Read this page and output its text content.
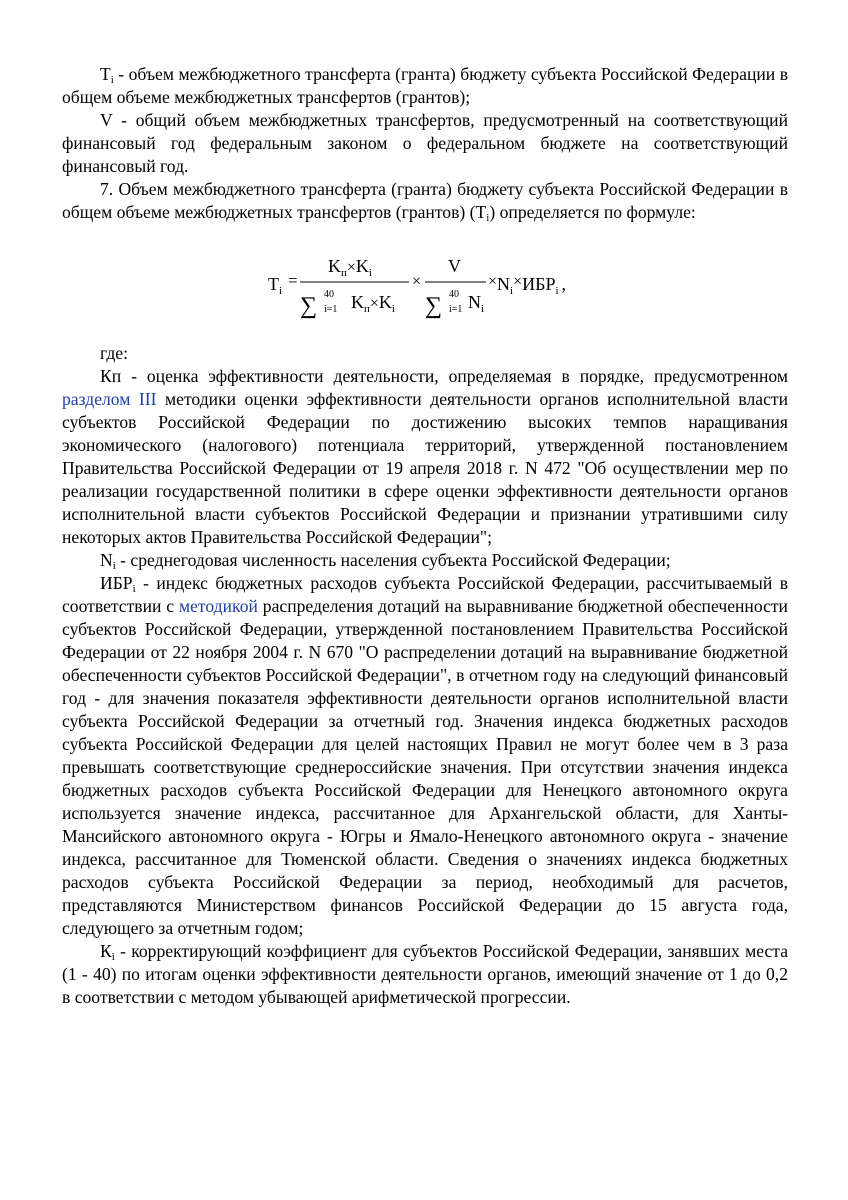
$T_i$ - объем межбюджетного трансферта (гранта) бюджету субъекта Российской Федерации в общем объеме межбюджетных трансфертов (грантов);

V - общий объем межбюджетных трансфертов, предусмотренный на соответствующий финансовый год федеральным законом о федеральном бюджете на соответствующий финансовый год.

7. Объем межбюджетного трансферта (гранта) бюджету субъекта Российской Федерации в общем объеме межбюджетных трансфертов (грантов) $(T_i)$ определяется по формуле:

$T_i$
=
$K_п\times K_i$
∑ 40
i=1 $K_п\times K_i$
×
V
∑ 40
i=1 $N_i$
$\times N_i\times ИБР_i$ ,

где:

Кп - оценка эффективности деятельности, определяемая в порядке, предусмотренном разделом III методики оценки эффективности деятельности органов исполнительной власти субъектов Российской Федерации по достижению высоких темпов наращивания экономического (налогового) потенциала территорий, утвержденной постановлением Правительства Российской Федерации от 19 апреля 2018 г. N 472 "Об осуществлении мер по реализации государственной политики в сфере оценки эффективности деятельности органов исполнительной власти субъектов Российской Федерации и признании утратившими силу некоторых актов Правительства Российской Федерации";

$N_i$ - среднегодовая численность населения субъекта Российской Федерации;

$ИБР_i$ - индекс бюджетных расходов субъекта Российской Федерации, рассчитываемый в соответствии с методикой распределения дотаций на выравнивание бюджетной обеспеченности субъектов Российской Федерации, утвержденной постановлением Правительства Российской Федерации от 22 ноября 2004 г. N 670 "О распределении дотаций на выравнивание бюджетной обеспеченности субъектов Российской Федерации", в отчетном году на следующий финансовый год - для значения показателя эффективности деятельности органов исполнительной власти субъекта Российской Федерации за отчетный год. Значения индекса бюджетных расходов субъекта Российской Федерации для целей настоящих Правил не могут более чем в 3 раза превышать соответствующие среднероссийские значения. При отсутствии значения индекса бюджетных расходов субъекта Российской Федерации для Ненецкого автономного округа используется значение индекса, рассчитанное для Архангельской области, для Ханты-Мансийского автономного округа - Югры и Ямало-Ненецкого автономного округа - значение индекса, рассчитанное для Тюменской области. Сведения о значениях индекса бюджетных расходов субъекта Российской Федерации за период, необходимый для расчетов, представляются Министерством финансов Российской Федерации до 15 августа года, следующего за отчетным годом;

$К_i$ - корректирующий коэффициент для субъектов Российской Федерации, занявших места (1 - 40) по итогам оценки эффективности деятельности органов, имеющий значение от 1 до 0,2 в соответствии с методом убывающей арифметической прогрессии.
